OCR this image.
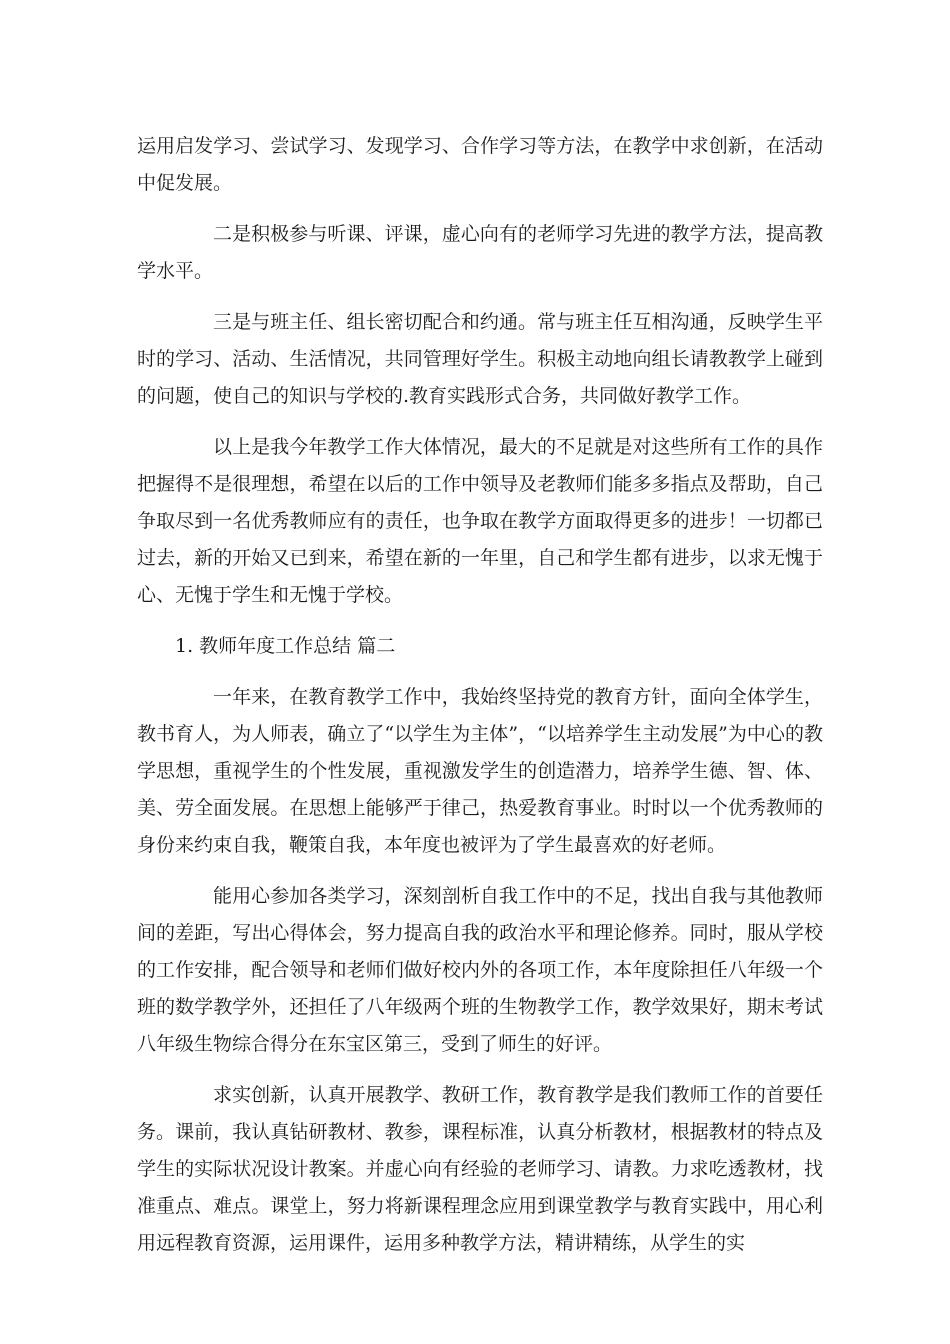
运用启发学习、尝试学习、发现学习、合作学习等方法，在教学中求创新，在活动中促发展。

二是积极参与听课、评课，虚心向有的老师学习先进的教学方法，提高教学水平。

三是与班主任、组长密切配合和约通。常与班主任互相沟通，反映学生平时的学习、活动、生活情况，共同管理好学生。积极主动地向组长请教教学上碰到的问题，使自己的知识与学校的.教育实践形式合务，共同做好教学工作。

以上是我今年教学工作大体情况，最大的不足就是对这些所有工作的具作把握得不是很理想，希望在以后的工作中领导及老教师们能多多指点及帮助，自己争取尽到一名优秀教师应有的责任，也争取在教学方面取得更多的进步！一切都已过去，新的开始又已到来，希望在新的一年里，自己和学生都有进步，以求无愧于心、无愧于学生和无愧于学校。

1. 教师年度工作总结 篇二

一年来，在教育教学工作中，我始终坚持党的教育方针，面向全体学生，教书育人，为人师表，确立了“以学生为主体”，“以培养学生主动发展”为中心的教学思想，重视学生的个性发展，重视激发学生的创造潜力，培养学生德、智、体、美、劳全面发展。在思想上能够严于律己，热爱教育事业。时时以一个优秀教师的身份来约束自我，鞭策自我，本年度也被评为了学生最喜欢的好老师。

能用心参加各类学习，深刻剖析自我工作中的不足，找出自我与其他教师间的差距，写出心得体会，努力提高自我的政治水平和理论修养。同时，服从学校的工作安排，配合领导和老师们做好校内外的各项工作，本年度除担任八年级一个班的数学教学外，还担任了八年级两个班的生物教学工作，教学效果好，期末考试八年级生物综合得分在东宝区第三，受到了师生的好评。

求实创新，认真开展教学、教研工作，教育教学是我们教师工作的首要任务。课前，我认真钻研教材、教参，课程标准，认真分析教材，根据教材的特点及学生的实际状况设计教案。并虚心向有经验的老师学习、请教。力求吃透教材，找准重点、难点。课堂上，努力将新课程理念应用到课堂教学与教育实践中，用心利用远程教育资源，运用课件，运用多种教学方法，精讲精练，从学生的实
